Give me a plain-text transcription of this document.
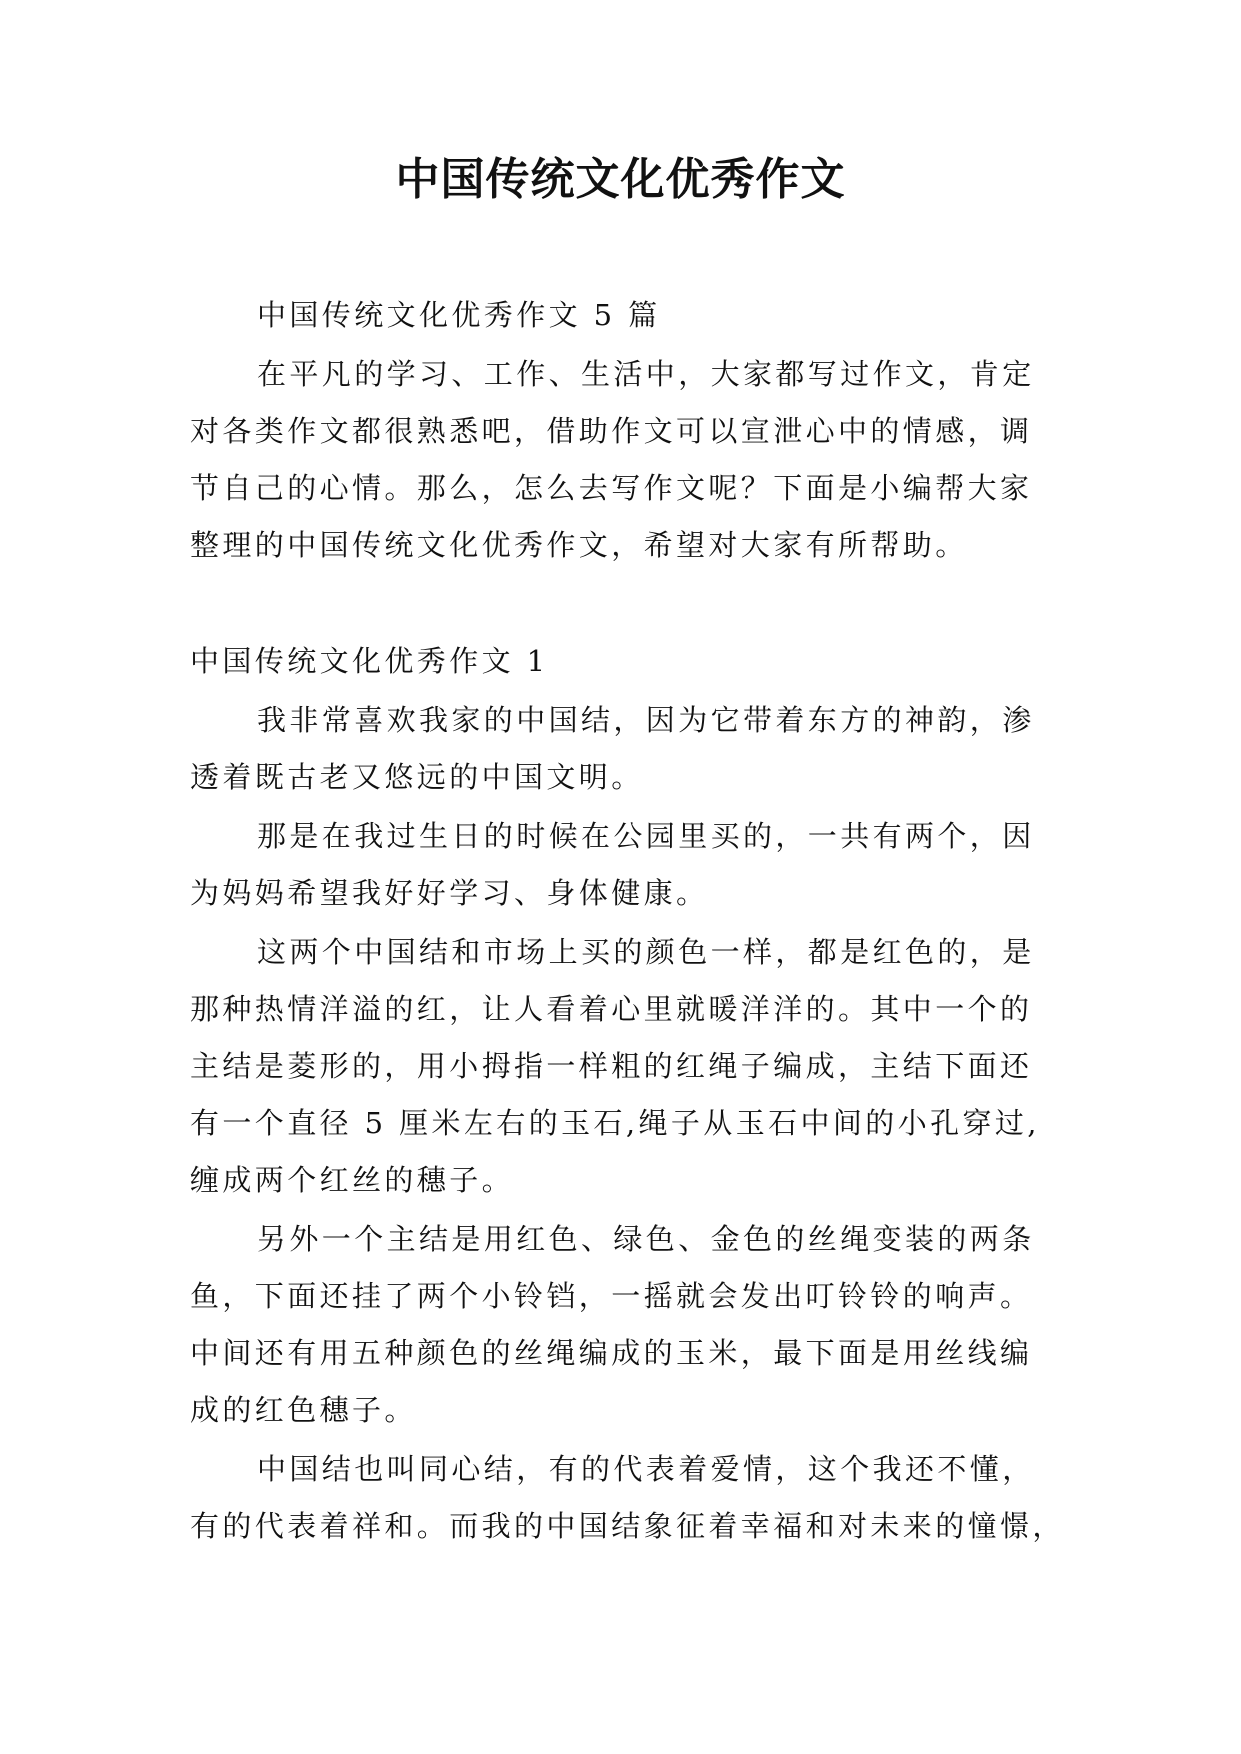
中国传统文化优秀作文
中国传统文化优秀作文 5 篇
在平凡的学习、工作、生活中，大家都写过作文，肯定
对各类作文都很熟悉吧，借助作文可以宣泄心中的情感，调
节自己的心情。那么，怎么去写作文呢？下面是小编帮大家
整理的中国传统文化优秀作文，希望对大家有所帮助。
中国传统文化优秀作文 1
我非常喜欢我家的中国结，因为它带着东方的神韵，渗
透着既古老又悠远的中国文明。
那是在我过生日的时候在公园里买的，一共有两个，因
为妈妈希望我好好学习、身体健康。
这两个中国结和市场上买的颜色一样，都是红色的，是
那种热情洋溢的红，让人看着心里就暖洋洋的。其中一个的
主结是菱形的，用小拇指一样粗的红绳子编成，主结下面还
有一个直径 5 厘米左右的玉石,绳子从玉石中间的小孔穿过,
缠成两个红丝的穗子。
另外一个主结是用红色、绿色、金色的丝绳变装的两条
鱼，下面还挂了两个小铃铛，一摇就会发出叮铃铃的响声。
中间还有用五种颜色的丝绳编成的玉米，最下面是用丝线编
成的红色穗子。
中国结也叫同心结，有的代表着爱情，这个我还不懂，
有的代表着祥和。而我的中国结象征着幸福和对未来的憧憬，
